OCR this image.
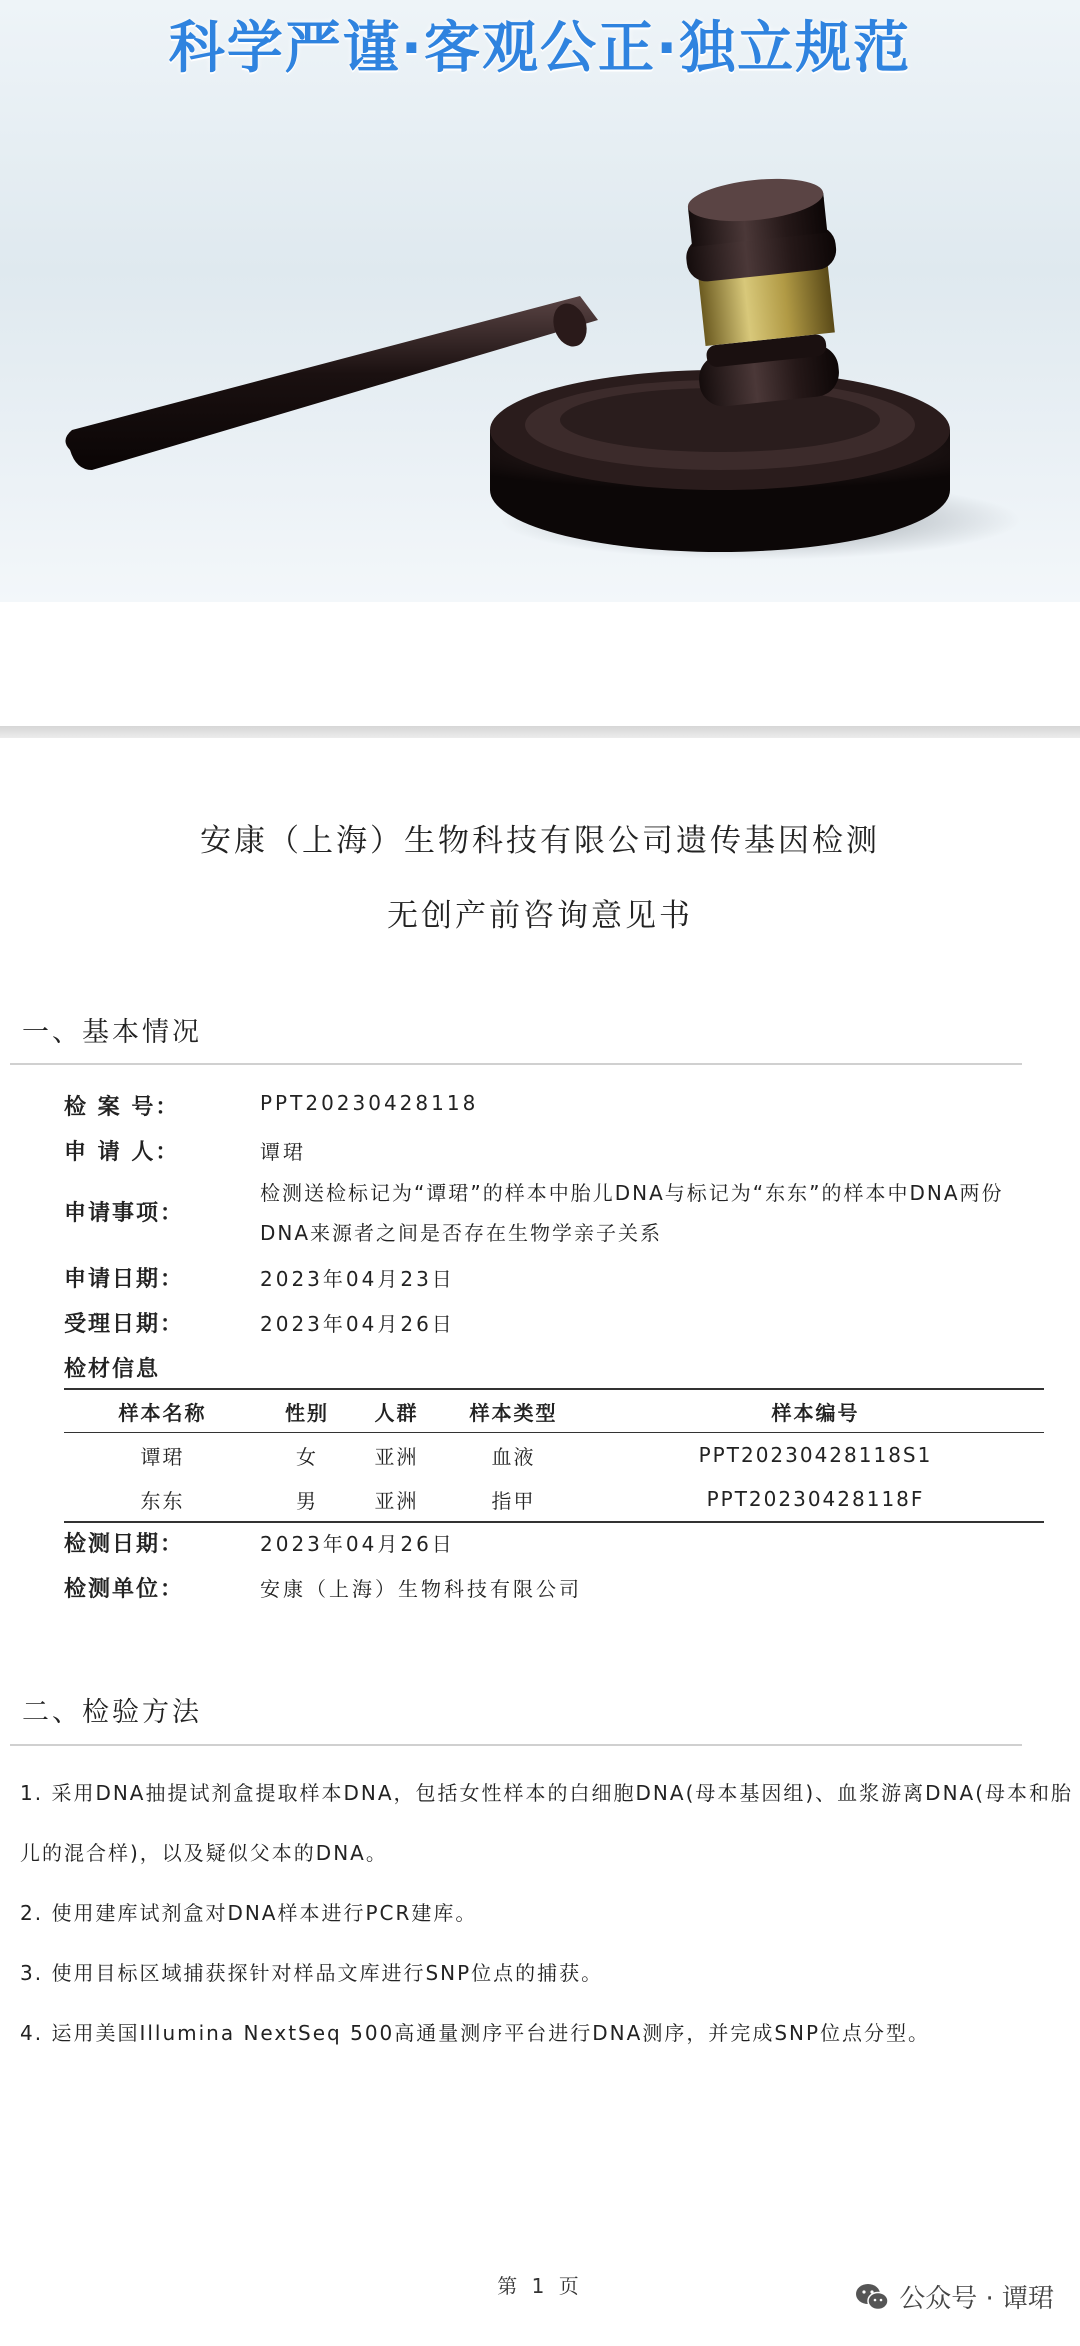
科学严谨·客观公正·独立规范
安康（上海）生物科技有限公司遗传基因检测
无创产前咨询意见书
一、基本情况
检 案 号：	PPT20230428118
申 请 人：	谭珺
申请事项：
检测送检标记为“谭珺”的样本中胎儿DNA与标记为“东东”的样本中DNA两份DNA来源者之间是否存在生物学亲子关系
申请日期：	2023年04月23日
受理日期：	2023年04月26日
检材信息
样本名称	性别	人群	样本类型	样本编号
谭珺	女	亚洲	血液	PPT20230428118S1
东东	男	亚洲	指甲	PPT20230428118F
检测日期：	2023年04月26日
检测单位：	安康（上海）生物科技有限公司
二、检验方法
1. 采用DNA抽提试剂盒提取样本DNA，包括女性样本的白细胞DNA(母本基因组)、血浆游离DNA(母本和胎儿的混合样)，以及疑似父本的DNA。
2. 使用建库试剂盒对DNA样本进行PCR建库。
3. 使用目标区域捕获探针对样品文库进行SNP位点的捕获。
4. 运用美国Illumina NextSeq 500高通量测序平台进行DNA测序，并完成SNP位点分型。
第 1 页	公众号 · 谭珺
